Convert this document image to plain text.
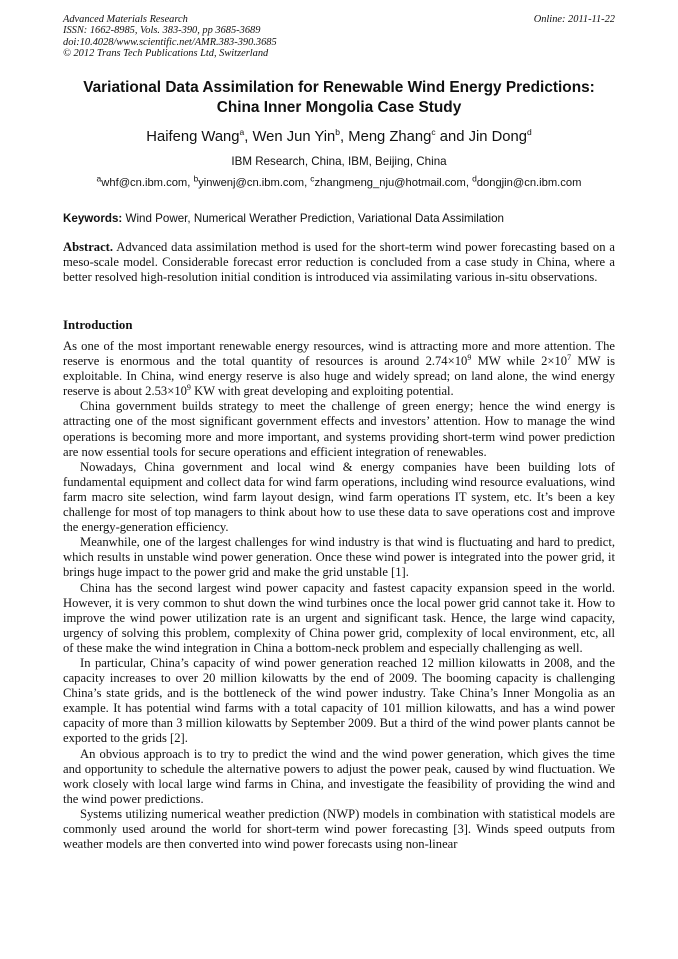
Advanced Materials Research
ISSN: 1662-8985, Vols. 383-390, pp 3685-3689
doi:10.4028/www.scientific.net/AMR.383-390.3685
© 2012 Trans Tech Publications Ltd, Switzerland
Online: 2011-11-22
Variational Data Assimilation for Renewable Wind Energy Predictions:
China Inner Mongolia Case Study
Haifeng Wang$^a$, Wen Jun Yin$^b$, Meng Zhang$^c$ and Jin Dong$^d$
IBM Research, China, IBM, Beijing, China
$^a$whf@cn.ibm.com, $^b$yinwenj@cn.ibm.com, $^c$zhangmeng_nju@hotmail.com, $^d$dongjin@cn.ibm.com
Keywords: Wind Power, Numerical Werather Prediction, Variational Data Assimilation

Abstract. Advanced data assimilation method is used for the short-term wind power forecasting based on a meso-scale model. Considerable forecast error reduction is concluded from a case study in China, where a better resolved high-resolution initial condition is introduced via assimilating various in-situ observations.

Introduction

As one of the most important renewable energy resources, wind is attracting more and more attention. The reserve is enormous and the total quantity of resources is around $2.74\times 10^9$ MW while $2\times 10^7$ MW is exploitable. In China, wind energy reserve is also huge and widely spread; on land alone, the wind energy reserve is about $2.53\times 10^9$ KW with great developing and exploiting potential.

China government builds strategy to meet the challenge of green energy; hence the wind energy is attracting one of the most significant government effects and investors’ attention. How to manage the wind operations is becoming more and more important, and systems providing short-term wind power prediction are now essential tools for secure operations and efficient integration of renewables.

Nowadays, China government and local wind & energy companies have been building lots of fundamental equipment and collect data for wind farm operations, including wind resource evaluations, wind farm macro site selection, wind farm layout design, wind farm operations IT system, etc. It’s been a key challenge for most of top managers to think about how to use these data to save operations cost and improve the energy-generation efficiency.

Meanwhile, one of the largest challenges for wind industry is that wind is fluctuating and hard to predict, which results in unstable wind power generation. Once these wind power is integrated into the power grid, it brings huge impact to the power grid and make the grid unstable [1].

China has the second largest wind power capacity and fastest capacity expansion speed in the world. However, it is very common to shut down the wind turbines once the local power grid cannot take it. How to improve the wind power utilization rate is an urgent and significant task. Hence, the large wind capacity, urgency of solving this problem, complexity of China power grid, complexity of local environment, etc, all of these make the wind integration in China a bottom-neck problem and especially challenging as well.

In particular, China’s capacity of wind power generation reached 12 million kilowatts in 2008, and the capacity increases to over 20 million kilowatts by the end of 2009. The booming capacity is challenging China’s state grids, and is the bottleneck of the wind power industry. Take China’s Inner Mongolia as an example. It has potential wind farms with a total capacity of 101 million kilowatts, and has a wind power capacity of more than 3 million kilowatts by September 2009. But a third of the wind power plants cannot be exported to the grids [2].

An obvious approach is to try to predict the wind and the wind power generation, which gives the time and opportunity to schedule the alternative powers to adjust the power peak, caused by wind fluctuation. We work closely with local large wind farms in China, and investigate the feasibility of providing the wind and the wind power predictions.

Systems utilizing numerical weather prediction (NWP) models in combination with statistical models are commonly used around the world for short-term wind power forecasting [3]. Winds speed outputs from weather models are then converted into wind power forecasts using non-linear
